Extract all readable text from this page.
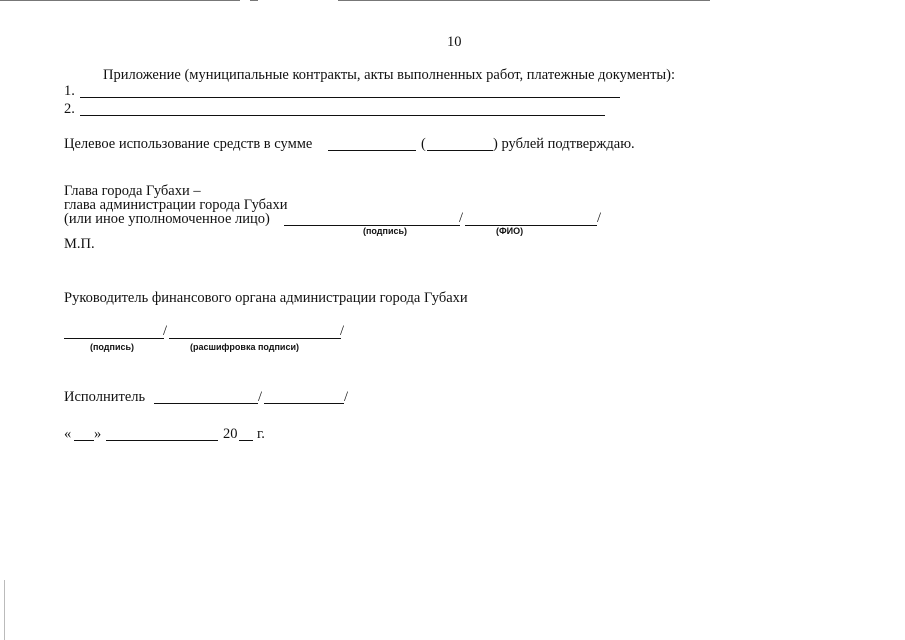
10
Приложение (муниципальные контракты, акты выполненных работ, платежные документы):
1.
2.
Целевое использование средств в сумме	(	) рублей подтверждаю.
Глава города Губахи –
глава администрации города Губахи
(или иное уполномоченное лицо)	/	/
(подпись)	(ФИО)
М.П.
Руководитель финансового органа администрации города Губахи
/	/
(подпись)	(расшифровка подписи)
Исполнитель	/	/
« »	20 г.
